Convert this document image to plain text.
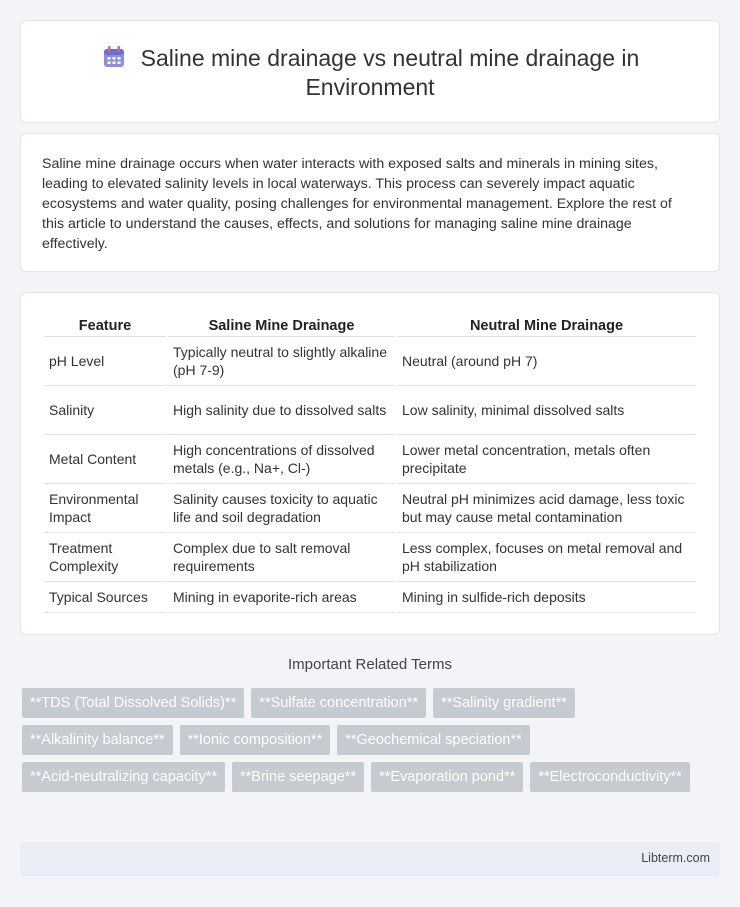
Saline mine drainage vs neutral mine drainage in Environment

Saline mine drainage occurs when water interacts with exposed salts and minerals in mining sites, leading to elevated salinity levels in local waterways. This process can severely impact aquatic ecosystems and water quality, posing challenges for environmental management. Explore the rest of this article to understand the causes, effects, and solutions for managing saline mine drainage effectively.

Feature	Saline Mine Drainage	Neutral Mine Drainage
pH Level	Typically neutral to slightly alkaline (pH 7-9)	Neutral (around pH 7)
Salinity	High salinity due to dissolved salts	Low salinity, minimal dissolved salts
Metal Content	High concentrations of dissolved metals (e.g., Na+, Cl-)	Lower metal concentration, metals often precipitate
Environmental Impact	Salinity causes toxicity to aquatic life and soil degradation	Neutral pH minimizes acid damage, less toxic but may cause metal contamination
Treatment Complexity	Complex due to salt removal requirements	Less complex, focuses on metal removal and pH stabilization
Typical Sources	Mining in evaporite-rich areas	Mining in sulfide-rich deposits
Important Related Terms
**TDS (Total Dissolved Solids)**	**Sulfate concentration**	**Salinity gradient**
**Alkalinity balance**	**Ionic composition**	**Geochemical speciation**
**Acid-neutralizing capacity**	**Brine seepage**	**Evaporation pond**	**Electroconductivity**
Libterm.com
